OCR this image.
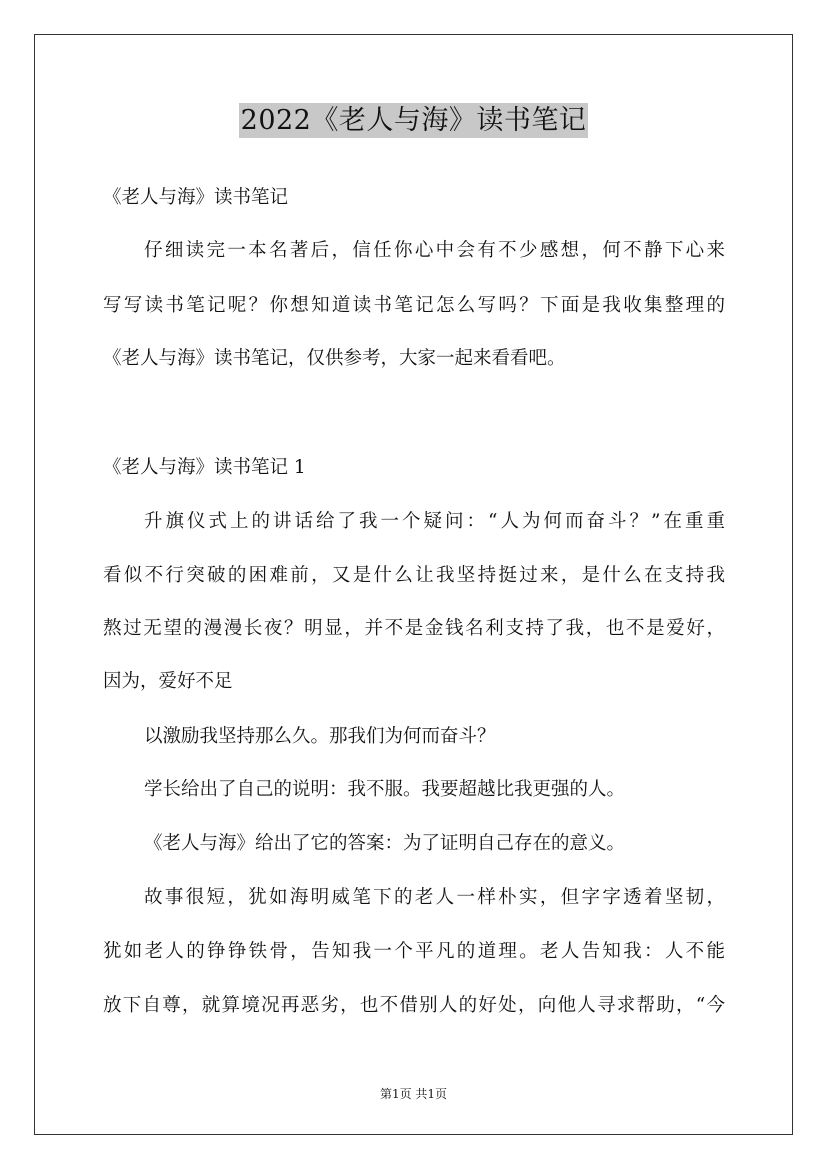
2022《老人与海》读书笔记
《老人与海》读书笔记
仔细读完一本名著后，信任你心中会有不少感想，何不静下心来
写写读书笔记呢？你想知道读书笔记怎么写吗？下面是我收集整理的
《老人与海》读书笔记，仅供参考，大家一起来看看吧。
《老人与海》读书笔记 1
升旗仪式上的讲话给了我一个疑问：“人为何而奋斗？”在重重
看似不行突破的困难前，又是什么让我坚持挺过来，是什么在支持我
熬过无望的漫漫长夜？明显，并不是金钱名利支持了我，也不是爱好，
因为，爱好不足
以激励我坚持那么久。那我们为何而奋斗？
学长给出了自己的说明：我不服。我要超越比我更强的人。
《老人与海》给出了它的答案：为了证明自己存在的意义。
故事很短，犹如海明威笔下的老人一样朴实，但字字透着坚韧，
犹如老人的铮铮铁骨，告知我一个平凡的道理。老人告知我：人不能
放下自尊，就算境况再恶劣，也不借别人的好处，向他人寻求帮助，“今
第1页 共1页
